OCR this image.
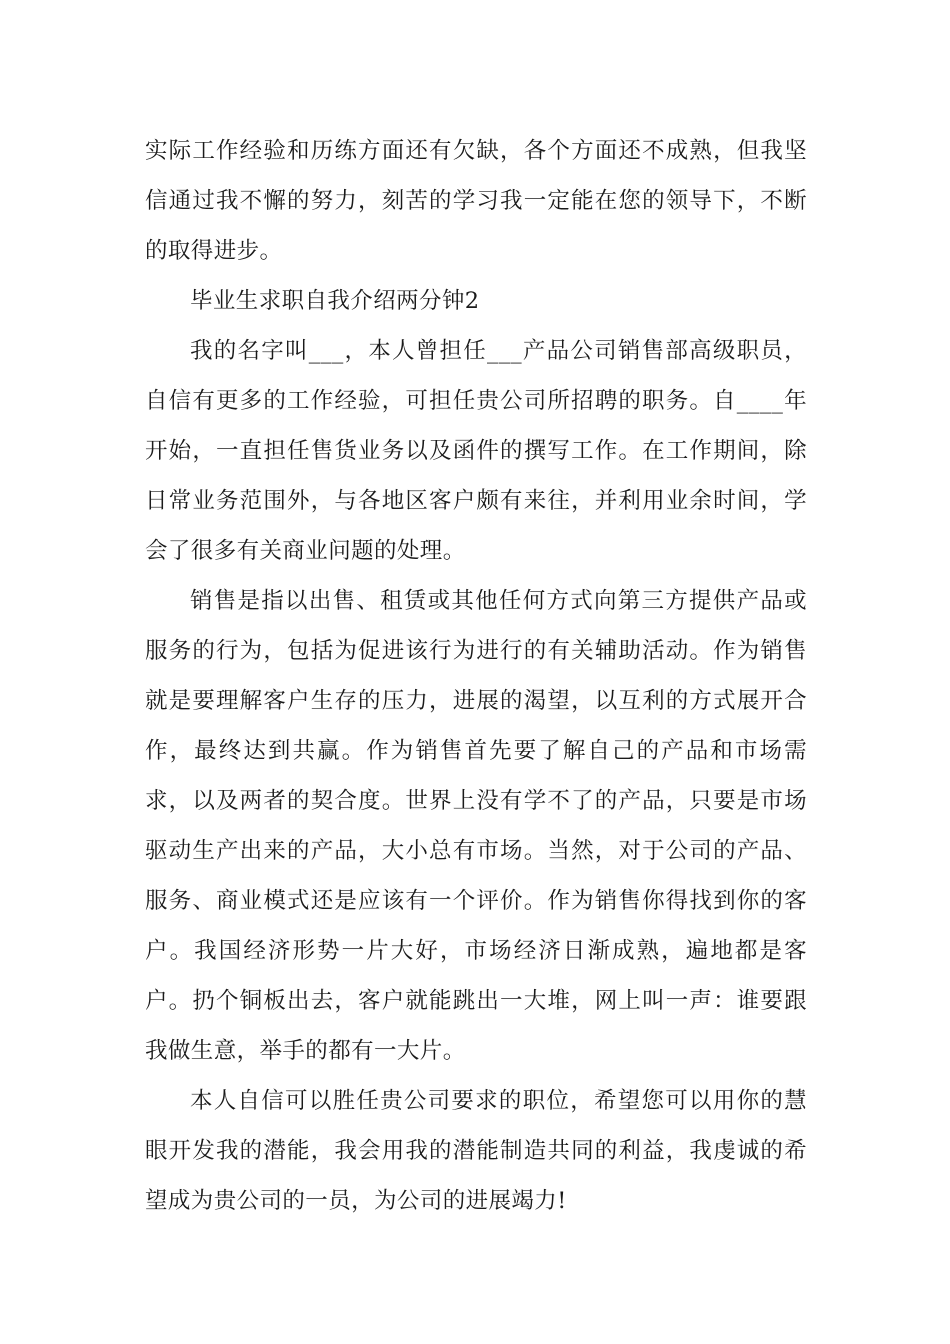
实际工作经验和历练方面还有欠缺，各个方面还不成熟，但我坚信通过我不懈的努力，刻苦的学习我一定能在您的领导下，不断的取得进步。

毕业生求职自我介绍两分钟2

我的名字叫___，本人曾担任___产品公司销售部高级职员，自信有更多的工作经验，可担任贵公司所招聘的职务。自____年开始，一直担任售货业务以及函件的撰写工作。在工作期间，除日常业务范围外，与各地区客户颇有来往，并利用业余时间，学会了很多有关商业问题的处理。

销售是指以出售、租赁或其他任何方式向第三方提供产品或服务的行为，包括为促进该行为进行的有关辅助活动。作为销售就是要理解客户生存的压力，进展的渴望，以互利的方式展开合作，最终达到共赢。作为销售首先要了解自己的产品和市场需求，以及两者的契合度。世界上没有学不了的产品，只要是市场驱动生产出来的产品，大小总有市场。当然，对于公司的产品、服务、商业模式还是应该有一个评价。作为销售你得找到你的客户。我国经济形势一片大好，市场经济日渐成熟，遍地都是客户。扔个铜板出去，客户就能跳出一大堆，网上叫一声：谁要跟我做生意，举手的都有一大片。

本人自信可以胜任贵公司要求的职位，希望您可以用你的慧眼开发我的潜能，我会用我的潜能制造共同的利益，我虔诚的希望成为贵公司的一员，为公司的进展竭力!
